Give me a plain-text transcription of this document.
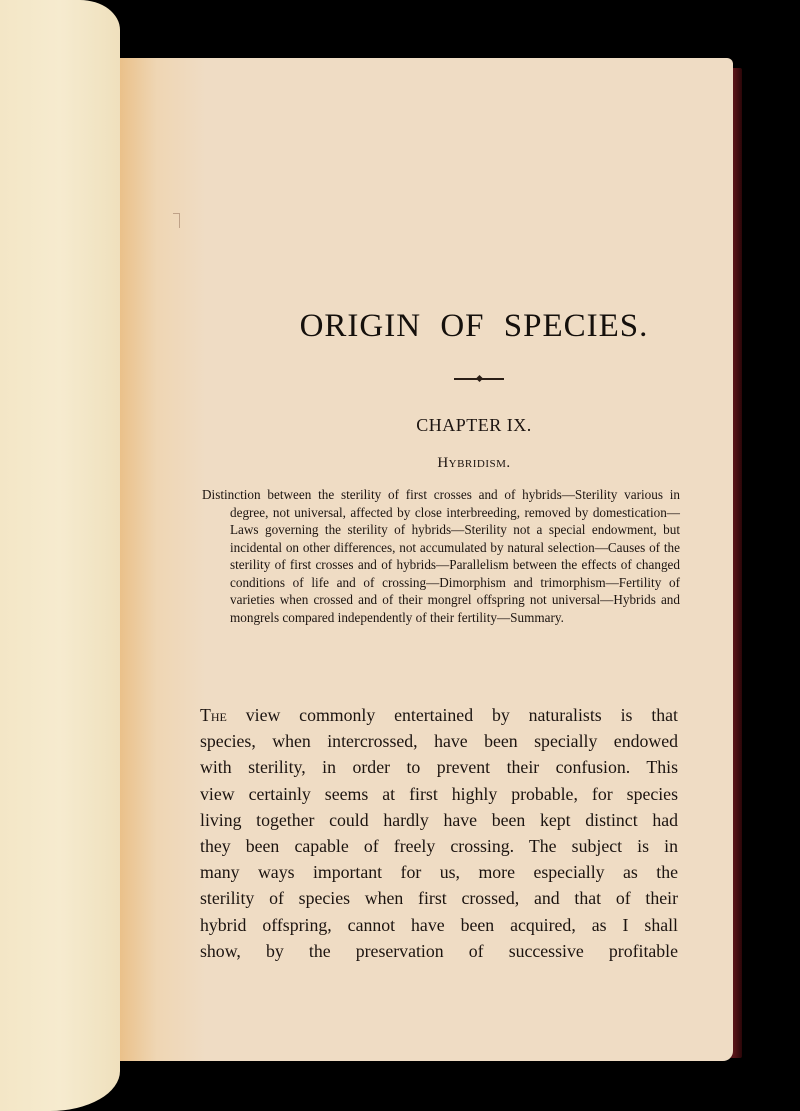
ORIGIN OF SPECIES.
CHAPTER IX.
Hybridism.
Distinction between the sterility of first crosses and of hybrids—Sterility various in degree, not universal, affected by close interbreeding, removed by domestication—Laws governing the sterility of hybrids—Sterility not a special endowment, but incidental on other differences, not accumulated by natural selection—Causes of the sterility of first crosses and of hybrids—Parallelism between the effects of changed conditions of life and of crossing—Dimorphism and trimorphism—Fertility of varieties when crossed and of their mongrel offspring not universal—Hybrids and mongrels compared independently of their fertility—Summary.
The view commonly entertained by naturalists is that
species, when intercrossed, have been specially endowed
with sterility, in order to prevent their confusion. This
view certainly seems at first highly probable, for species
living together could hardly have been kept distinct had
they been capable of freely crossing. The subject is in
many ways important for us, more especially as the
sterility of species when first crossed, and that of their
hybrid offspring, cannot have been acquired, as I shall
show, by the preservation of successive profitable
